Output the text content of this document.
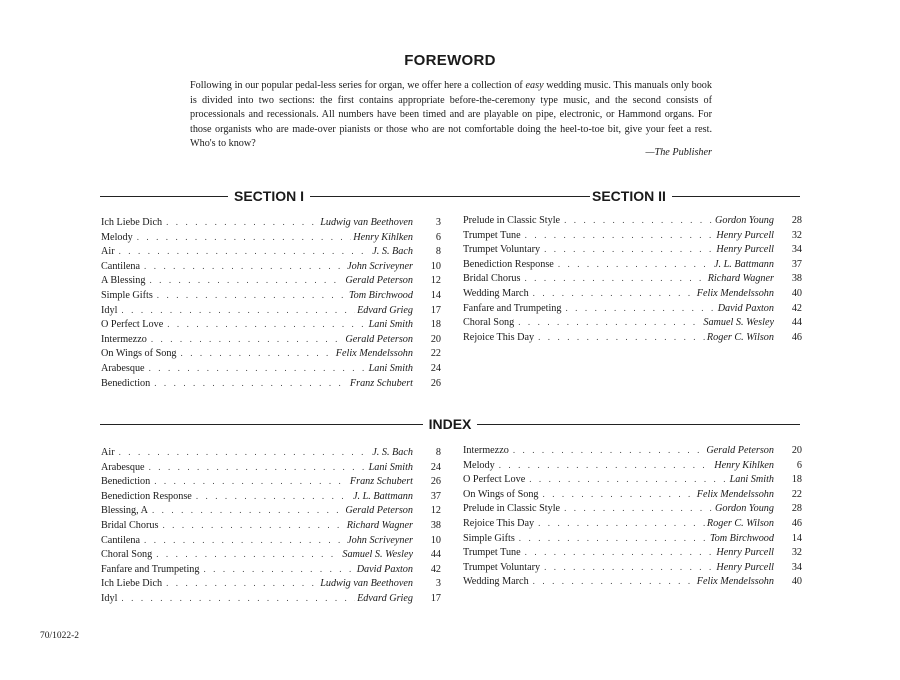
FOREWORD

Following in our popular pedal-less series for organ, we offer here a collection of easy wedding music. This manuals only book is divided into two sections: the first contains appropriate before-the-ceremony type music, and the second consists of processionals and recessionals. All numbers have been timed and are playable on pipe, electronic, or Hammond organs. For those organists who are made-over pianists or those who are not comfortable doing the heel-to-toe bit, give your feet a rest. Who's to know?

—The Publisher
SECTION I	SECTION II
Ich Liebe Dich . . .	Ludwig van Beethoven	3
Melody . . .	Henry Kihlken	6
Air . . .	J. S. Bach	8
Cantilena . . .	John Scriveyner	10
A Blessing . . .	Gerald Peterson	12
Simple Gifts . . .	Tom Birchwood	14
Idyl . . .	Edvard Grieg	17
O Perfect Love . . .	Lani Smith	18
Intermezzo . . .	Gerald Peterson	20
On Wings of Song . . .	Felix Mendelssohn	22
Arabesque . . .	Lani Smith	24
Benediction . . .	Franz Schubert	26
Prelude in Classic Style . . .	Gordon Young	28
Trumpet Tune . . .	Henry Purcell	32
Trumpet Voluntary . . .	Henry Purcell	34
Benediction Response . . .	J. L. Battmann	37
Bridal Chorus . . .	Richard Wagner	38
Wedding March . . .	Felix Mendelssohn	40
Fanfare and Trumpeting . . .	David Paxton	42
Choral Song . . .	Samuel S. Wesley	44
Rejoice This Day . . .	Roger C. Wilson	46
INDEX
Air . . .	J. S. Bach	8
Arabesque . . .	Lani Smith	24
Benediction . . .	Franz Schubert	26
Benediction Response . . .	J. L. Battmann	37
Blessing, A . . .	Gerald Peterson	12
Bridal Chorus . . .	Richard Wagner	38
Cantilena . . .	John Scriveyner	10
Choral Song . . .	Samuel S. Wesley	44
Fanfare and Trumpeting . . .	David Paxton	42
Ich Liebe Dich . . .	Ludwig van Beethoven	3
Idyl . . .	Edvard Grieg	17
Intermezzo . . .	Gerald Peterson	20
Melody . . .	Henry Kihlken	6
O Perfect Love . . .	Lani Smith	18
On Wings of Song . . .	Felix Mendelssohn	22
Prelude in Classic Style . . .	Gordon Young	28
Rejoice This Day . . .	Roger C. Wilson	46
Simple Gifts . . .	Tom Birchwood	14
Trumpet Tune . . .	Henry Purcell	32
Trumpet Voluntary . . .	Henry Purcell	34
Wedding March . . .	Felix Mendelssohn	40
70/1022-2
